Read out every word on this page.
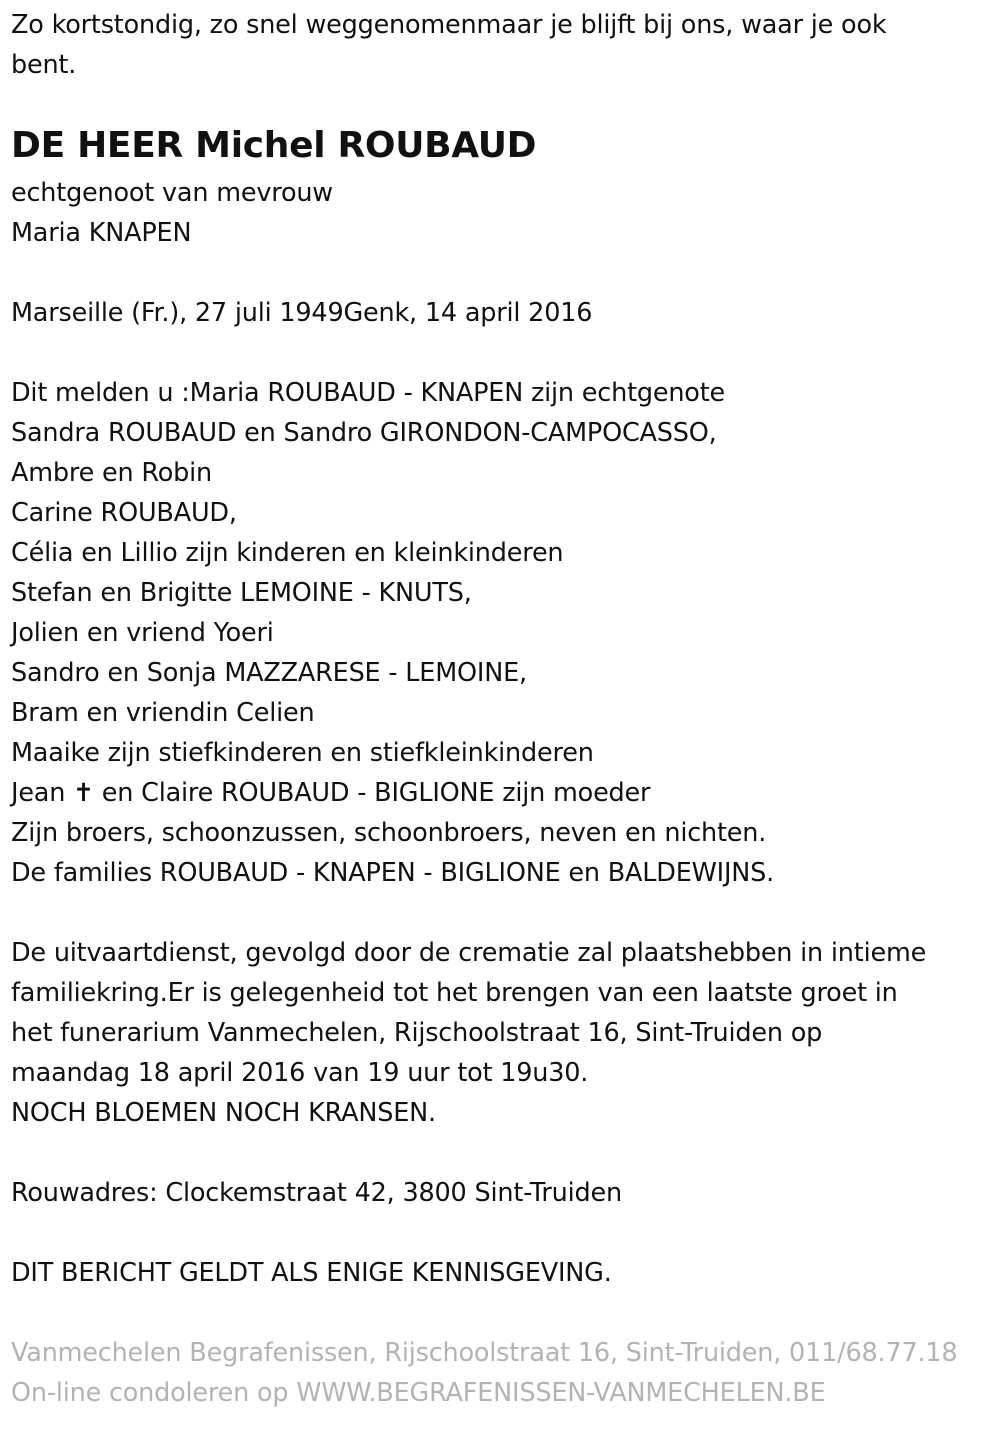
Zo kortstondig, zo snel weggenomenmaar je blijft bij ons, waar je ook

bent.

DE HEER Michel ROUBAUD

echtgenoot van mevrouw

Maria KNAPEN

Marseille (Fr.), 27 juli 1949Genk, 14 april 2016

Dit melden u :Maria ROUBAUD - KNAPEN zijn echtgenote

Sandra ROUBAUD en Sandro GIRONDON-CAMPOCASSO,

Ambre en Robin

Carine ROUBAUD,

Célia en Lillio zijn kinderen en kleinkinderen

Stefan en Brigitte LEMOINE - KNUTS,

Jolien en vriend Yoeri

Sandro en Sonja MAZZARESE - LEMOINE,

Bram en vriendin Celien

Maaike zijn stiefkinderen en stiefkleinkinderen

Jean ✝ en Claire ROUBAUD - BIGLIONE zijn moeder

Zijn broers, schoonzussen, schoonbroers, neven en nichten.

De families ROUBAUD - KNAPEN - BIGLIONE en BALDEWIJNS.

De uitvaartdienst, gevolgd door de crematie zal plaatshebben in intieme

familiekring.Er is gelegenheid tot het brengen van een laatste groet in

het funerarium Vanmechelen, Rijschoolstraat 16, Sint-Truiden op

maandag 18 april 2016 van 19 uur tot 19u30.

NOCH BLOEMEN NOCH KRANSEN.

Rouwadres: Clockemstraat 42, 3800 Sint-Truiden

DIT BERICHT GELDT ALS ENIGE KENNISGEVING.

Vanmechelen Begrafenissen, Rijschoolstraat 16, Sint-Truiden, 011/68.77.18

On-line condoleren op WWW.BEGRAFENISSEN-VANMECHELEN.BE
